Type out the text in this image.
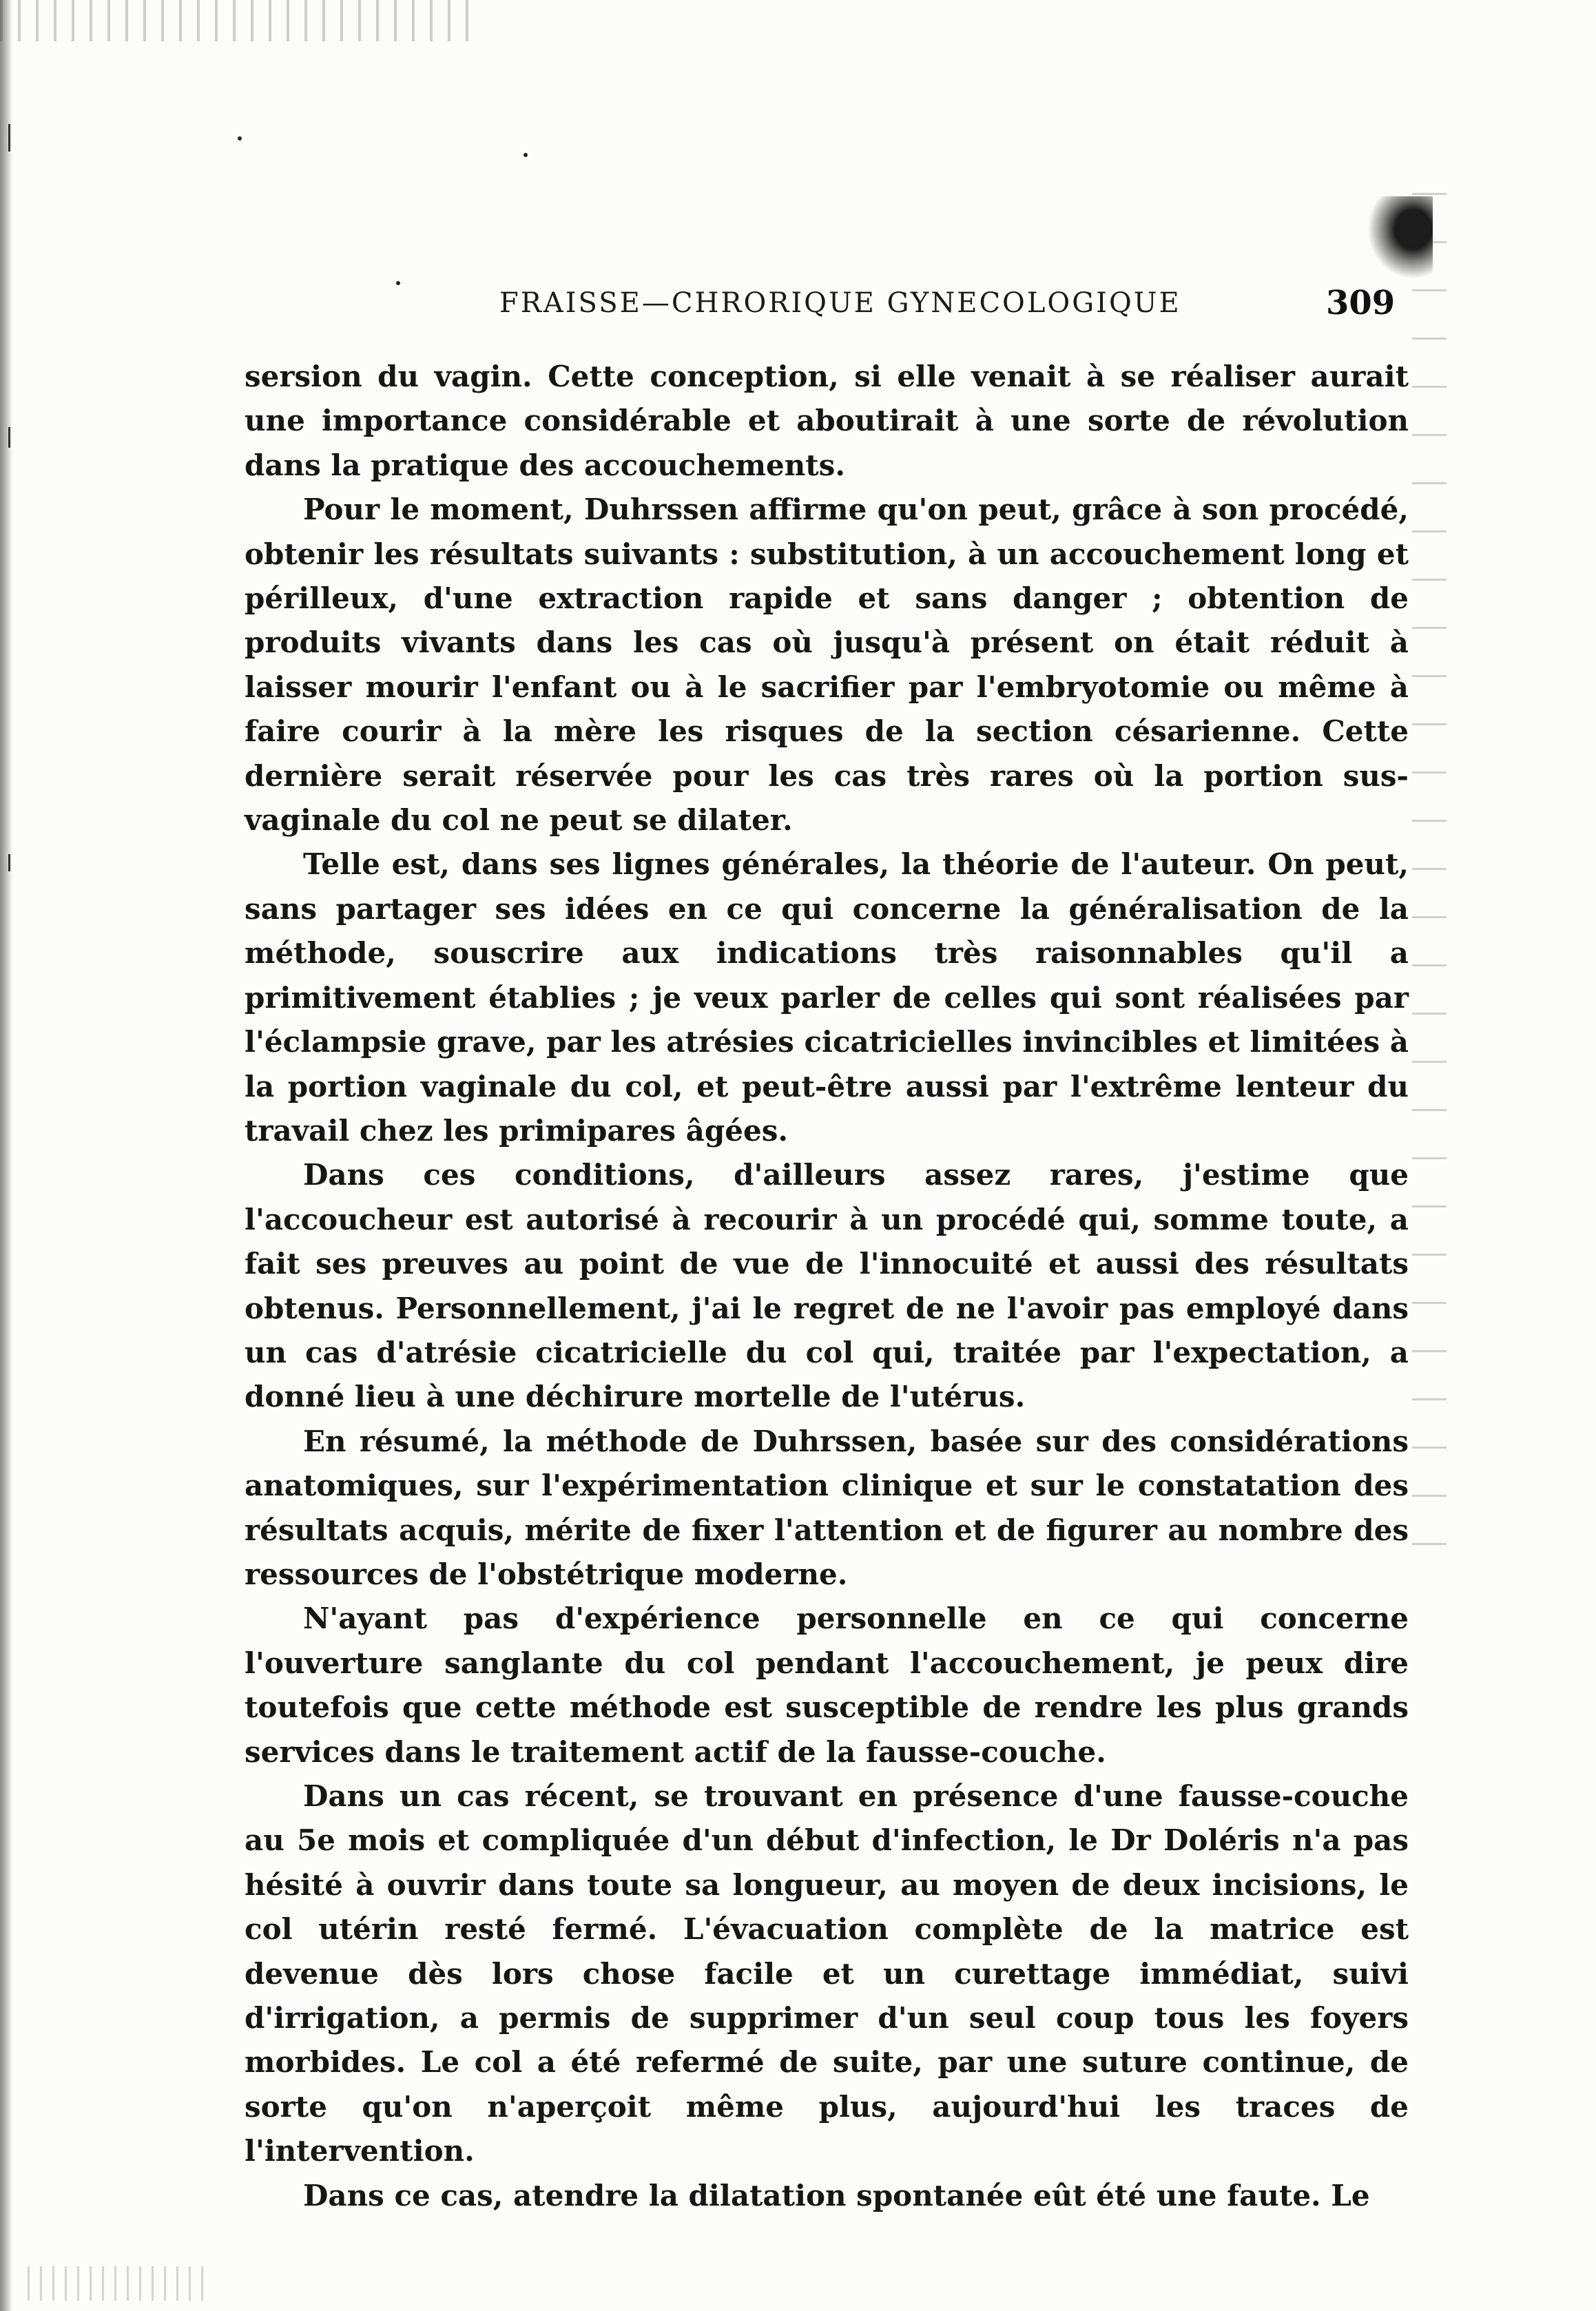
FRAISSE—CHRORIQUE GYNECOLOGIQUE	309

sersion du vagin. Cette conception, si elle venait à se réaliser aurait une importance considérable et aboutirait à une sorte de révolution dans la pratique des accouchements.

Pour le moment, Duhrssen affirme qu'on peut, grâce à son procédé, obtenir les résultats suivants : substitution, à un accouchement long et périlleux, d'une extraction rapide et sans danger ; obtention de produits vivants dans les cas où jusqu'à présent on était réduit à laisser mourir l'enfant ou à le sacrifier par l'embryotomie ou même à faire courir à la mère les risques de la section césarienne. Cette dernière serait réservée pour les cas très rares où la portion sus-vaginale du col ne peut se dilater.

Telle est, dans ses lignes générales, la théorie de l'auteur. On peut, sans partager ses idées en ce qui concerne la généralisation de la méthode, souscrire aux indications très raisonnables qu'il a primitivement établies ; je veux parler de celles qui sont réalisées par l'éclampsie grave, par les atrésies cicatricielles invincibles et limitées à la portion vaginale du col, et peut-être aussi par l'extrême lenteur du travail chez les primipares âgées.

Dans ces conditions, d'ailleurs assez rares, j'estime que l'accoucheur est autorisé à recourir à un procédé qui, somme toute, a fait ses preuves au point de vue de l'innocuité et aussi des résultats obtenus. Personnellement, j'ai le regret de ne l'avoir pas employé dans un cas d'atrésie cicatricielle du col qui, traitée par l'expectation, a donné lieu à une déchirure mortelle de l'utérus.

En résumé, la méthode de Duhrssen, basée sur des considérations anatomiques, sur l'expérimentation clinique et sur le constatation des résultats acquis, mérite de fixer l'attention et de figurer au nombre des ressources de l'obstétrique moderne.

N'ayant pas d'expérience personnelle en ce qui concerne l'ouverture sanglante du col pendant l'accouchement, je peux dire toutefois que cette méthode est susceptible de rendre les plus grands services dans le traitement actif de la fausse-couche.

Dans un cas récent, se trouvant en présence d'une fausse-couche au 5e mois et compliquée d'un début d'infection, le Dr Doléris n'a pas hésité à ouvrir dans toute sa longueur, au moyen de deux incisions, le col utérin resté fermé. L'évacuation complète de la matrice est devenue dès lors chose facile et un curettage immédiat, suivi d'irrigation, a permis de supprimer d'un seul coup tous les foyers morbides. Le col a été refermé de suite, par une suture continue, de sorte qu'on n'aperçoit même plus, aujourd'hui les traces de l'intervention.

Dans ce cas, atendre la dilatation spontanée eût été une faute. Le
